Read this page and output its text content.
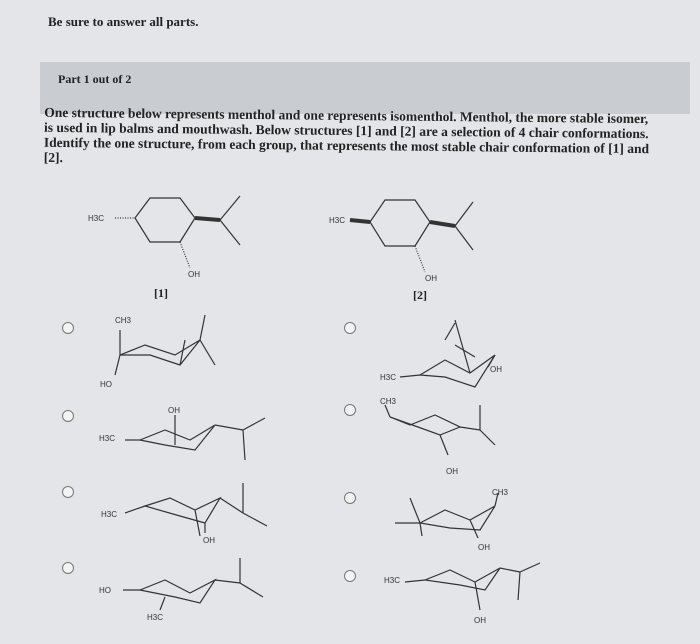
Be sure to answer all parts.
Part 1 out of 2
One structure below represents menthol and one represents isomenthol. Menthol, the more stable isomer, is used in lip balms and mouthwash. Below structures [1] and [2] are a selection of 4 chair conformations. Identify the one structure, from each group, that represents the most stable chair conformation of [1] and [2].
H3C
OH
[1]
H3C
OH
[2]
CH3
HO
OH
H3C
H3C
OH
HO
H3C
H3C
OH
CH3
OH
CH3
OH
H3C
OH
